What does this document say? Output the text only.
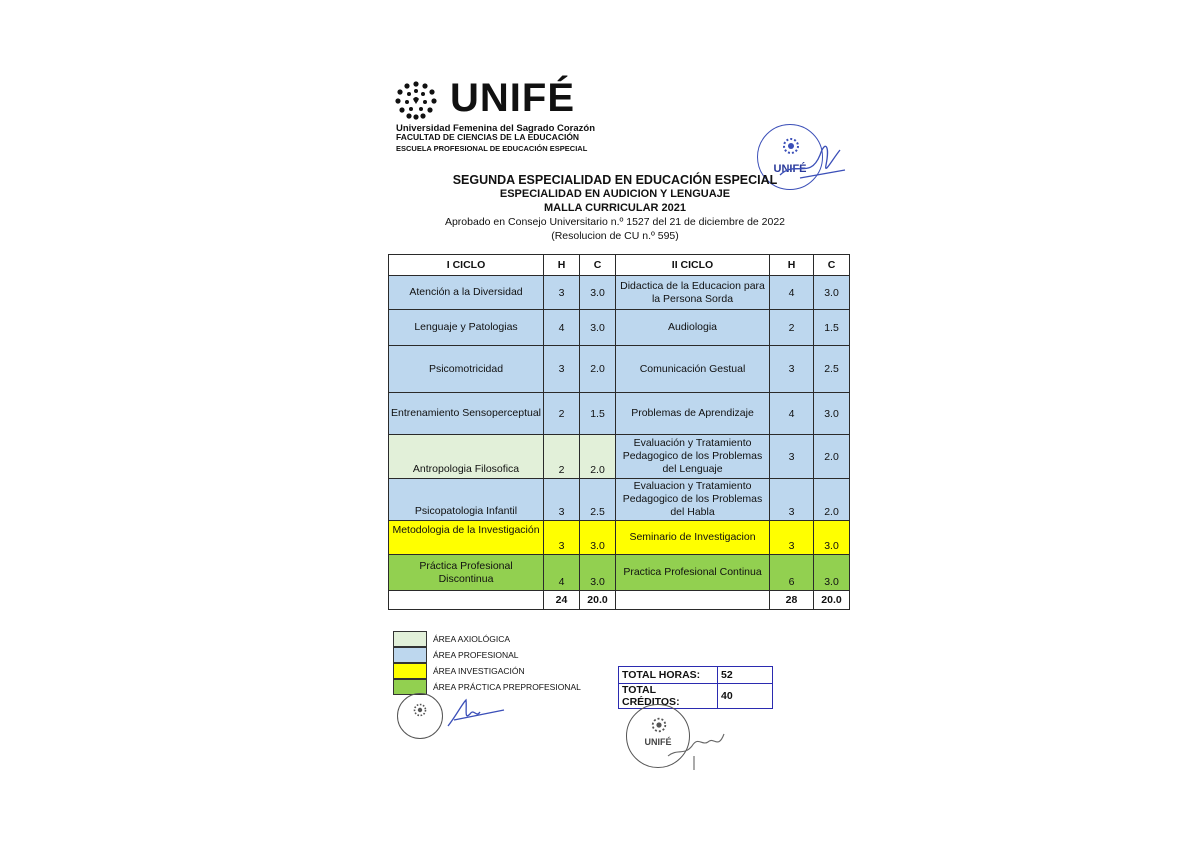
UNIFÉ
Universidad Femenina del Sagrado Corazón
FACULTAD DE CIENCIAS DE LA EDUCACIÓN
ESCUELA PROFESIONAL DE EDUCACIÓN ESPECIAL
UNIFÉ
SEGUNDA ESPECIALIDAD EN EDUCACIÓN ESPECIAL
ESPECIALIDAD EN AUDICION Y LENGUAJE
MALLA CURRICULAR 2021
Aprobado en Consejo Universitario n.º 1527 del 21 de diciembre de 2022
(Resolucion de CU n.º 595)
I CICLO	H	C	II CICLO	H	C
Atención a la Diversidad	3	3.0	Didactica de la Educacion para la Persona Sorda	4	3.0
Lenguaje y Patologias	4	3.0	Audiologia	2	1.5
Psicomotricidad	3	2.0	Comunicación Gestual	3	2.5
Entrenamiento Sensoperceptual	2	1.5	Problemas de Aprendizaje	4	3.0
Antropologia Filosofica	2	2.0	Evaluación y Tratamiento Pedagogico de los Problemas del Lenguaje	3	2.0
Psicopatologia Infantil	3	2.5	Evaluacion y Tratamiento Pedagogico de los Problemas del Habla	3	2.0
Metodologia de la Investigación	3	3.0	Seminario de Investigacion	3	3.0
Práctica Profesional Discontinua	4	3.0	Practica Profesional Continua	6	3.0
	24	20.0		28	20.0
ÁREA AXIOLÓGICA
ÁREA PROFESIONAL
ÁREA INVESTIGACIÓN
ÁREA PRÁCTICA PREPROFESIONAL
TOTAL HORAS:	52
TOTAL CRÉDITOS:	40
UNIFÉ
